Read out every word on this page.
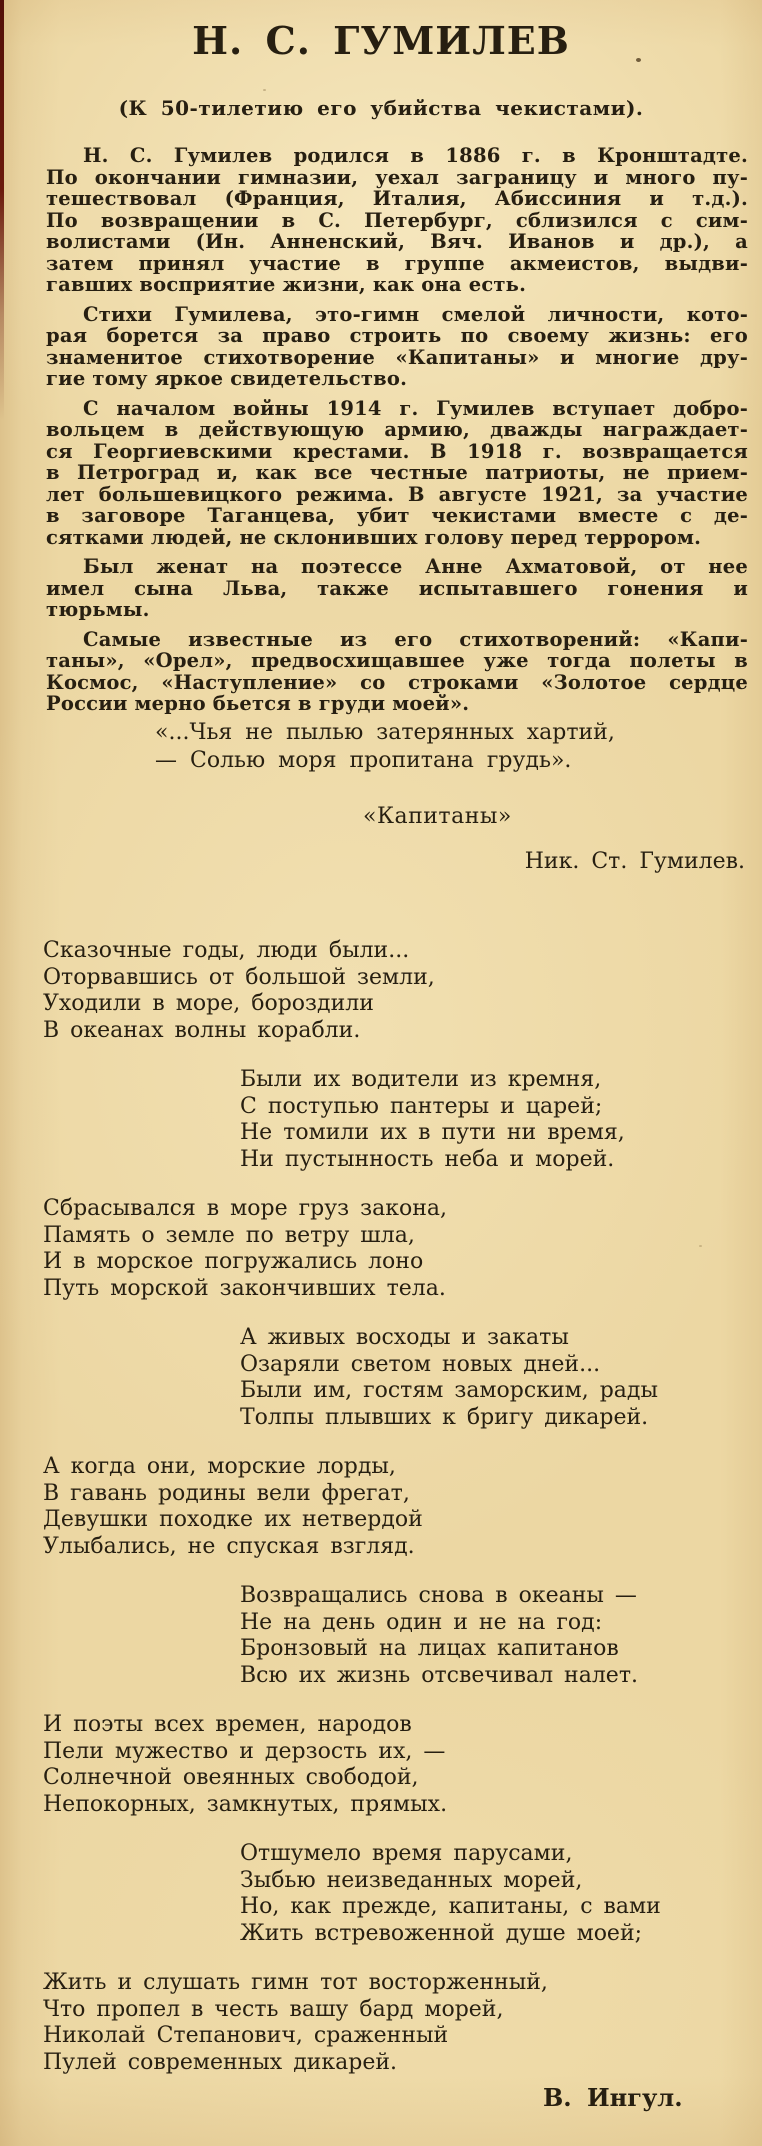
Н. С. ГУМИЛЕВ
(К 50-тилетию его убийства чекистами).
Н. С. Гумилев родился в 1886 г. в Кронштадте.
По окончании гимназии, уехал заграницу и много пу-
тешествовал (Франция, Италия, Абиссиния и т.д.).
По возвращении в С. Петербург, сблизился с сим-
волистами (Ин. Анненский, Вяч. Иванов и др.), а
затем принял участие в группе акмеистов, выдви-
гавших восприятие жизни, как она есть.
Стихи Гумилева, это-гимн смелой личности, кото-
рая борется за право строить по своему жизнь: его
знаменитое стихотворение «Капитаны» и многие дру-
гие тому яркое свидетельство.
С началом войны 1914 г. Гумилев вступает добро-
вольцем в действующую армию, дважды награждает-
ся Георгиевскими крестами. В 1918 г. возвращается
в Петроград и, как все честные патриоты, не прием-
лет большевицкого режима. В августе 1921, за участие
в заговоре Таганцева, убит чекистами вместе с де-
сятками людей, не склонивших голову перед террором.
Был женат на поэтессе Анне Ахматовой, от нее
имел сына Льва, также испытавшего гонения и
тюрьмы.
Самые известные из его стихотворений: «Капи-
таны», «Орел», предвосхищавшее уже тогда полеты в
Космос, «Наступление» со строками «Золотое сердце
России мерно бьется в груди моей».
«...Чья не пылью затерянных хартий,
— Солью моря пропитана грудь».
«Капитаны»
Ник. Ст. Гумилев.
Сказочные годы, люди были...
Оторвавшись от большой земли,
Уходили в море, бороздили
В океанах волны корабли.
Были их водители из кремня,
С поступью пантеры и царей;
Не томили их в пути ни время,
Ни пустынность неба и морей.
Сбрасывался в море груз закона,
Память о земле по ветру шла,
И в морское погружались лоно
Путь морской закончивших тела.
А живых восходы и закаты
Озаряли светом новых дней...
Были им, гостям заморским, рады
Толпы плывших к бригу дикарей.
А когда они, морские лорды,
В гавань родины вели фрегат,
Девушки походке их нетвердой
Улыбались, не спуская взгляд.
Возвращались снова в океаны —
Не на день один и не на год:
Бронзовый на лицах капитанов
Всю их жизнь отсвечивал налет.
И поэты всех времен, народов
Пели мужество и дерзость их, —
Солнечной овеянных свободой,
Непокорных, замкнутых, прямых.
Отшумело время парусами,
Зыбью неизведанных морей,
Но, как прежде, капитаны, с вами
Жить встревоженной душе моей;
Жить и слушать гимн тот восторженный,
Что пропел в честь вашу бард морей,
Николай Степанович, сраженный
Пулей современных дикарей.
В. Ингул.
